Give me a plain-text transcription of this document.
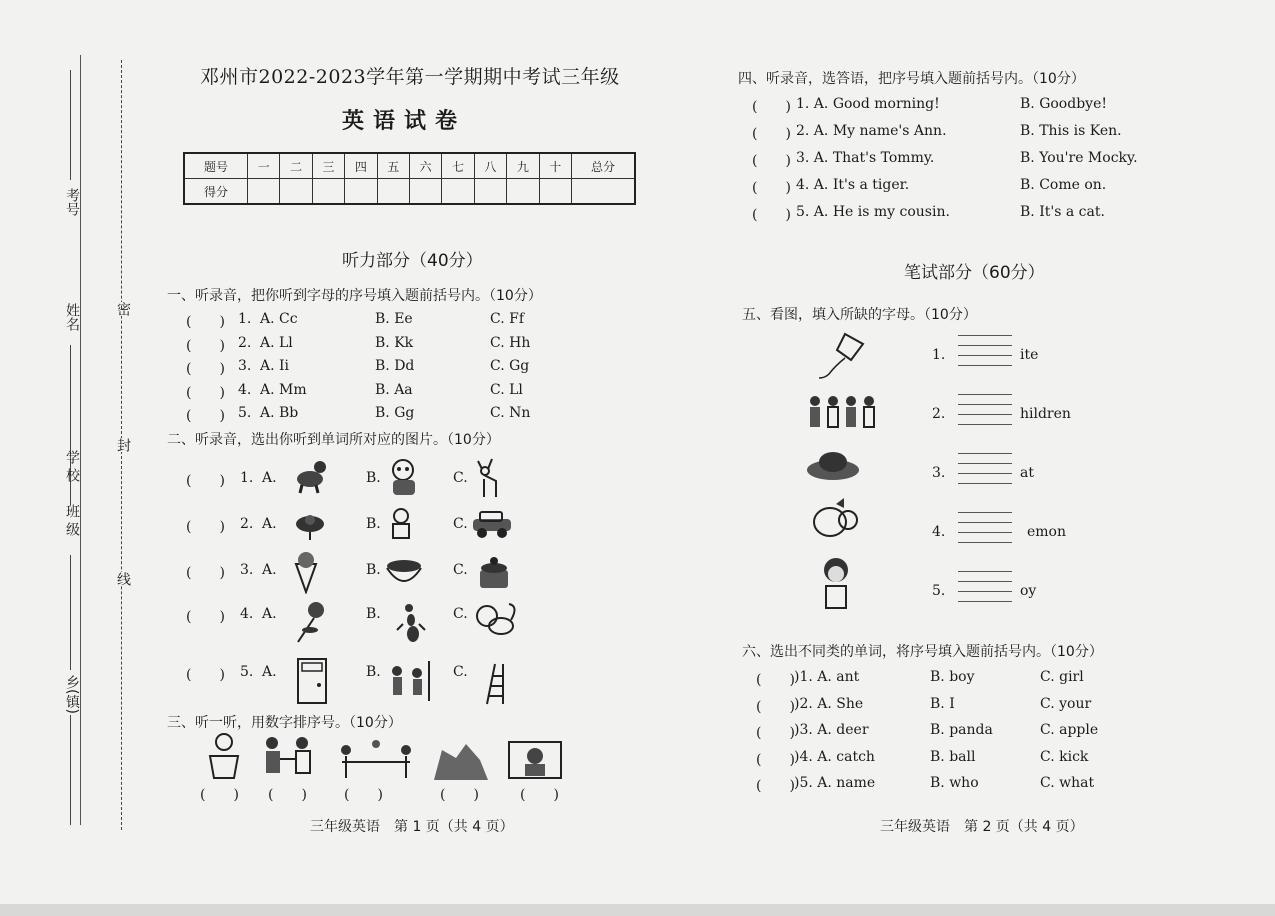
考号
姓名
学校　班级
乡(镇)
密
封
线
邓州市2022-2023学年第一学期期中考试三年级
英语试卷
题号	一	二	三	四	五	六	七	八	九	十	总分
得分											
听力部分（40分）
一、听录音，把你听到字母的序号填入题前括号内。（10分）
(　　) 1. A. Cc	B. Ee	C. Ff
(　　) 2. A. Ll	B. Kk	C. Hh
(　　) 3. A. Ii	B. Dd	C. Gg
(　　) 4. A. Mm	B. Aa	C. Ll
(　　) 5. A. Bb	B. Gg	C. Nn
二、听录音，选出你听到单词所对应的图片。（10分）
(　　) 1. A.	B.	C.
(　　) 2. A.	B.	C.
(　　) 3. A.	B.	C.
(　　) 4. A.	B.	C.
(　　) 5. A.	B.	C.
三、听一听，用数字排序号。（10分）
(　　) (　　)	(　　)	(　　)	(　　)
三年级英语　第 1 页（共 4 页）
四、听录音，选答语，把序号填入题前括号内。（10分）
(　　) 1. A. Good morning!	B. Goodbye!
(　　) 2. A. My name's Ann.	B. This is Ken.
(　　) 3. A. That's Tommy.	B. You're Mocky.
(　　) 4. A. It's a tiger.	B. Come on.
(　　) 5. A. He is my cousin.	B. It's a cat.
笔试部分（60分）
五、看图，填入所缺的字母。（10分）
1.	ite
2.	hildren
3.	at
4.	emon
5.	oy
六、选出不同类的单词，将序号填入题前括号内。（10分）
(　　) )1. A. ant	B. boy	C. girl
(　　) )2. A. She	B. I	C. your
(　　) )3. A. deer	B. panda	C. apple
(　　) )4. A. catch	B. ball	C. kick
(　　) )5. A. name	B. who	C. what
三年级英语　第 2 页（共 4 页）
